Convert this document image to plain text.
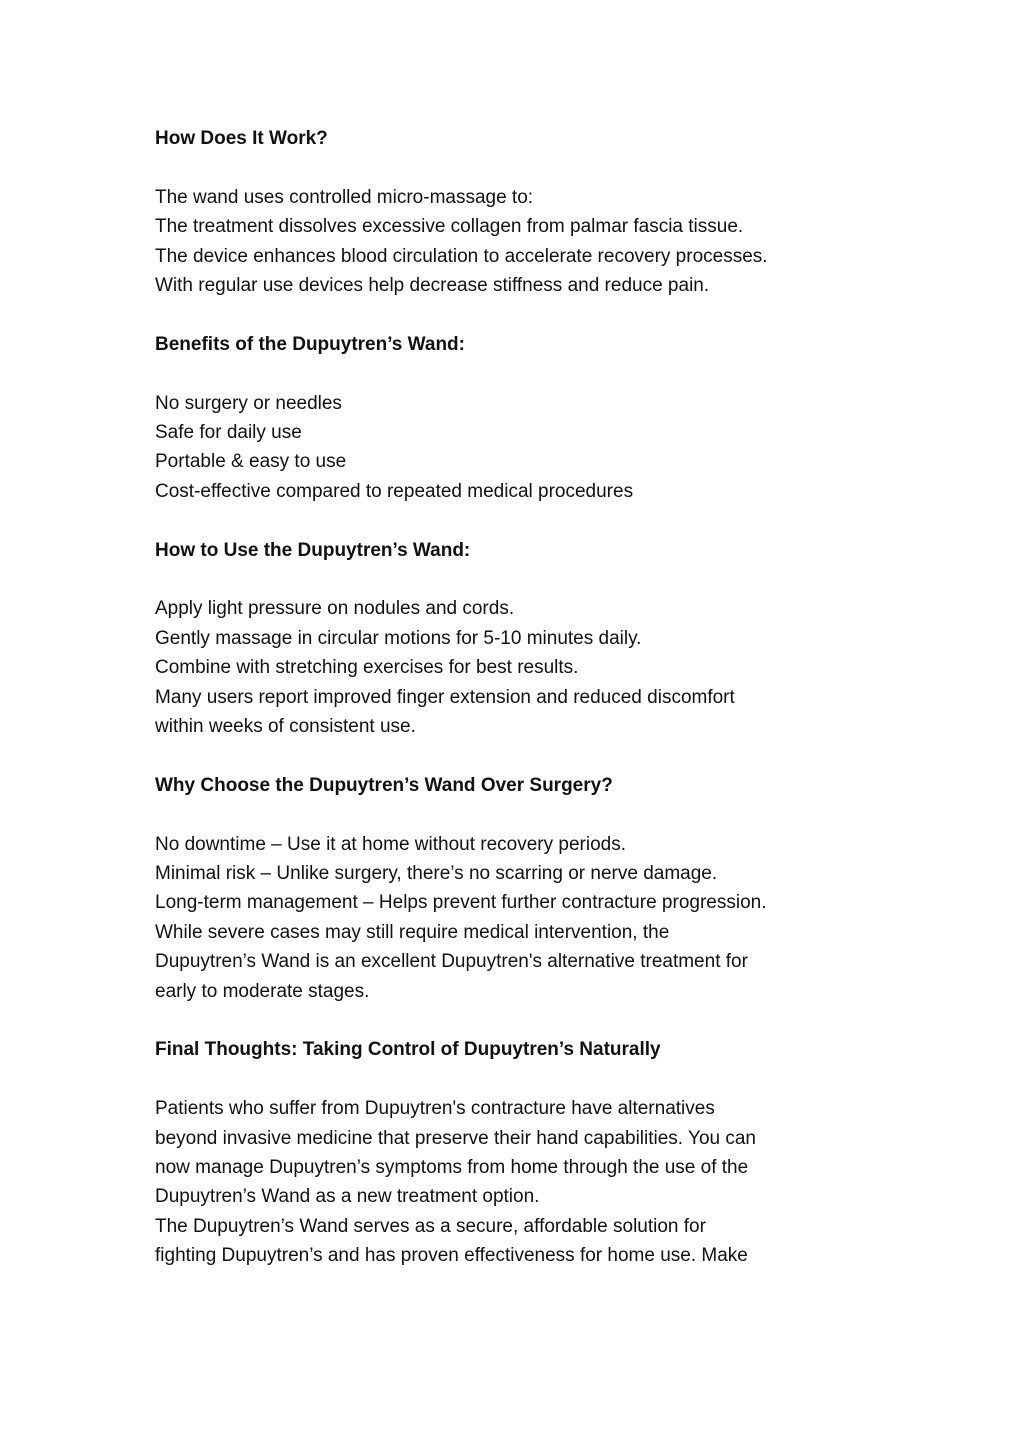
How Does It Work?

The wand uses controlled micro-massage to:

The treatment dissolves excessive collagen from palmar fascia tissue.

The device enhances blood circulation to accelerate recovery processes.

With regular use devices help decrease stiffness and reduce pain.

Benefits of the Dupuytren’s Wand:

No surgery or needles

Safe for daily use

Portable & easy to use

Cost-effective compared to repeated medical procedures

How to Use the Dupuytren’s Wand:

Apply light pressure on nodules and cords.

Gently massage in circular motions for 5-10 minutes daily.

Combine with stretching exercises for best results.

Many users report improved finger extension and reduced discomfort

within weeks of consistent use.

Why Choose the Dupuytren’s Wand Over Surgery?

No downtime – Use it at home without recovery periods.

Minimal risk – Unlike surgery, there’s no scarring or nerve damage.

Long-term management – Helps prevent further contracture progression.

While severe cases may still require medical intervention, the

Dupuytren’s Wand is an excellent Dupuytren's alternative treatment for

early to moderate stages.

Final Thoughts: Taking Control of Dupuytren’s Naturally

Patients who suffer from Dupuytren's contracture have alternatives

beyond invasive medicine that preserve their hand capabilities. You can

now manage Dupuytren’s symptoms from home through the use of the

Dupuytren’s Wand as a new treatment option.

The Dupuytren’s Wand serves as a secure, affordable solution for

fighting Dupuytren’s and has proven effectiveness for home use. Make
